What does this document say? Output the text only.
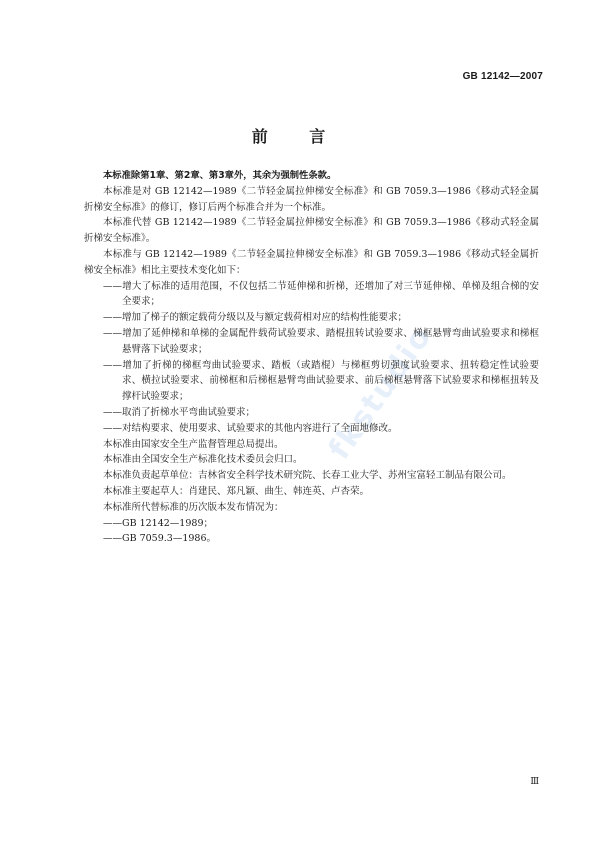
GB 12142—2007
前 言
fkstudio

本标准除第1章、第2章、第3章外，其余为强制性条款。

本标准是对 GB 12142—1989《二节轻金属拉伸梯安全标准》和 GB 7059.3—1986《移动式轻金属折梯安全标准》的修订，修订后两个标准合并为一个标准。

本标准代替 GB 12142—1989《二节轻金属拉伸梯安全标准》和 GB 7059.3—1986《移动式轻金属折梯安全标准》。

本标准与 GB 12142—1989《二节轻金属拉伸梯安全标准》和 GB 7059.3—1986《移动式轻金属折梯安全标准》相比主要技术变化如下：

——增大了标准的适用范围，不仅包括二节延伸梯和折梯，还增加了对三节延伸梯、单梯及组合梯的安全要求；

——增加了梯子的额定载荷分级以及与额定载荷相对应的结构性能要求；

——增加了延伸梯和单梯的金属配件载荷试验要求、踏棍扭转试验要求、梯框悬臂弯曲试验要求和梯框悬臂落下试验要求；

——增加了折梯的梯框弯曲试验要求、踏板（或踏棍）与梯框剪切强度试验要求、扭转稳定性试验要求、横拉试验要求、前梯框和后梯框悬臂弯曲试验要求、前后梯框悬臂落下试验要求和梯框扭转及撑杆试验要求；

——取消了折梯水平弯曲试验要求；

——对结构要求、使用要求、试验要求的其他内容进行了全面地修改。

本标准由国家安全生产监督管理总局提出。

本标准由全国安全生产标准化技术委员会归口。

本标准负责起草单位：吉林省安全科学技术研究院、长春工业大学、苏州宝富轻工制品有限公司。

本标准主要起草人：肖建民、郑凡颖、曲生、韩连英、卢杏荣。

本标准所代替标准的历次版本发布情况为：

——GB 12142—1989；

——GB 7059.3—1986。

Ⅲ
